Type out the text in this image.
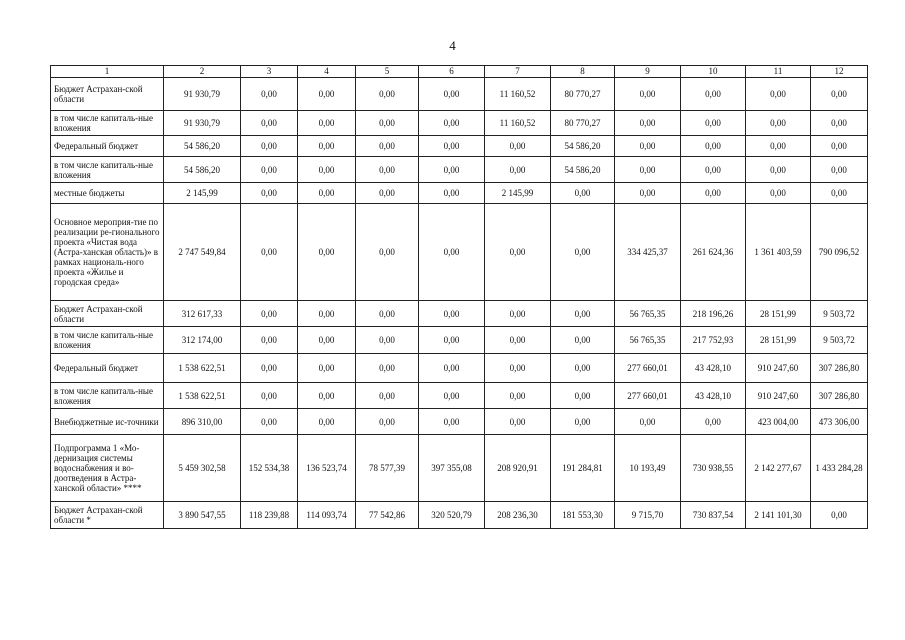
4
1	2	3	4	5	6	7	8	9	10	11	12
Бюджет Астрахан-ской области	91 930,79	0,00	0,00	0,00	0,00	11 160,52	80 770,27	0,00	0,00	0,00	0,00
в том числе капиталь-ные вложения	91 930,79	0,00	0,00	0,00	0,00	11 160,52	80 770,27	0,00	0,00	0,00	0,00
Федеральный бюджет	54 586,20	0,00	0,00	0,00	0,00	0,00	54 586,20	0,00	0,00	0,00	0,00
в том числе капиталь-ные вложения	54 586,20	0,00	0,00	0,00	0,00	0,00	54 586,20	0,00	0,00	0,00	0,00
местные бюджеты	2 145,99	0,00	0,00	0,00	0,00	2 145,99	0,00	0,00	0,00	0,00	0,00
Основное мероприя-тие по реализации ре-гионального проекта «Чистая вода (Астра-ханская область)» в рамках националь-ного проекта «Жилье и городская среда»	2 747 549,84	0,00	0,00	0,00	0,00	0,00	0,00	334 425,37	261 624,36	1 361 403,59	790 096,52
Бюджет Астрахан-ской области	312 617,33	0,00	0,00	0,00	0,00	0,00	0,00	56 765,35	218 196,26	28 151,99	9 503,72
в том числе капиталь-ные вложения	312 174,00	0,00	0,00	0,00	0,00	0,00	0,00	56 765,35	217 752,93	28 151,99	9 503,72
Федеральный бюджет	1 538 622,51	0,00	0,00	0,00	0,00	0,00	0,00	277 660,01	43 428,10	910 247,60	307 286,80
в том числе капиталь-ные вложения	1 538 622,51	0,00	0,00	0,00	0,00	0,00	0,00	277 660,01	43 428,10	910 247,60	307 286,80
Внебюджетные ис-точники	896 310,00	0,00	0,00	0,00	0,00	0,00	0,00	0,00	0,00	423 004,00	473 306,00
Подпрограмма 1 «Мо-дернизация системы водоснабжения и во-доотведения в Астра-ханской области» ****	5 459 302,58	152 534,38	136 523,74	78 577,39	397 355,08	208 920,91	191 284,81	10 193,49	730 938,55	2 142 277,67	1 433 284,28
Бюджет Астрахан-ской области *	3 890 547,55	118 239,88	114 093,74	77 542,86	320 520,79	208 236,30	181 553,30	9 715,70	730 837,54	2 141 101,30	0,00
